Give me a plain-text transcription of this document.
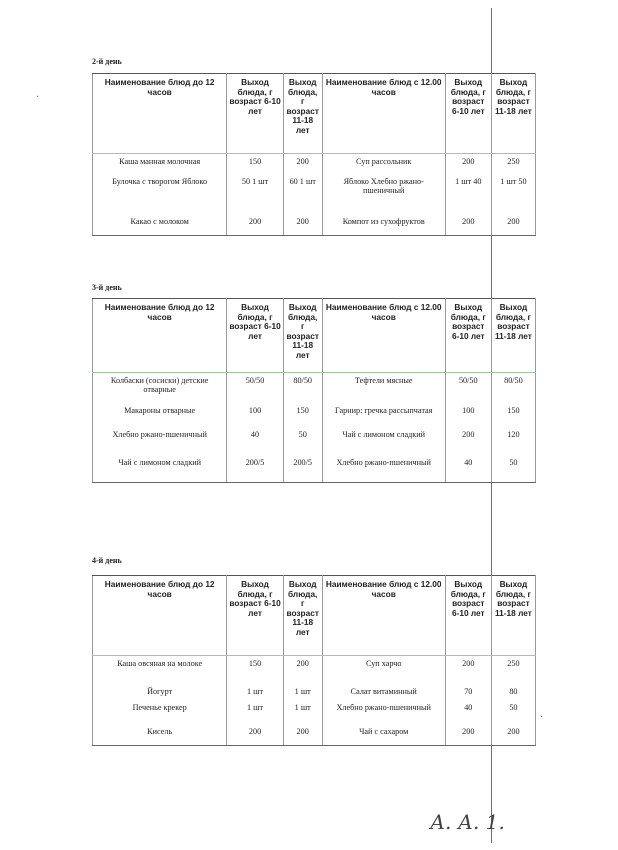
·
·
2-й день
Наименование блюд до 12 часов	Выход блюда, г возраст 6-10 лет	Выход блюда, г возраст 11-18 лет	Наименование блюд с 12.00 часов	Выход блюда, г возраст 6-10 лет	Выход блюда, г возраст 11-18 лет
Каша манная молочная	150	200	Суп рассольник	200	250
Булочка с творогом Яблоко	50 1 шт	60 1 шт	Яблоко Хлебно ржано-пшеничный	1 шт 40	1 шт 50
Какао с молоком	200	200	Компот из сухофруктов	200	200
3-й день
Наименование блюд до 12 часов	Выход блюда, г возраст 6-10 лет	Выход блюда, г возраст 11-18 лет	Наименование блюд с 12.00 часов	Выход блюда, г возраст 6-10 лет	Выход блюда, г возраст 11-18 лет
Колбаски (сосиски) детские отварные	50/50	80/50	Тефтели мясные	50/50	80/50
Макароны отварные	100	150	Гарнир: гречка рассыпчатая	100	150
Хлебно ржано-пшеничный	40	50	Чай с лимоном сладкий	200	120
Чай с лимоном сладкий	200/5	200/5	Хлебно ржано-пшеничный	40	50
4-й день
Наименование блюд до 12 часов	Выход блюда, г возраст 6-10 лет	Выход блюда, г возраст 11-18 лет	Наименование блюд с 12.00 часов	Выход блюда, г возраст 6-10 лет	Выход блюда, г возраст 11-18 лет
Каша овсяная на молоке	150	200	Суп харчо	200	250
Йогурт	1 шт	1 шт	Салат витаминный	70	80
Печенье крекер	1 шт	1 шт	Хлебно ржано-пшеничный	40	50
Кисель	200	200	Чай с сахаром	200	200
А. А. 1.
